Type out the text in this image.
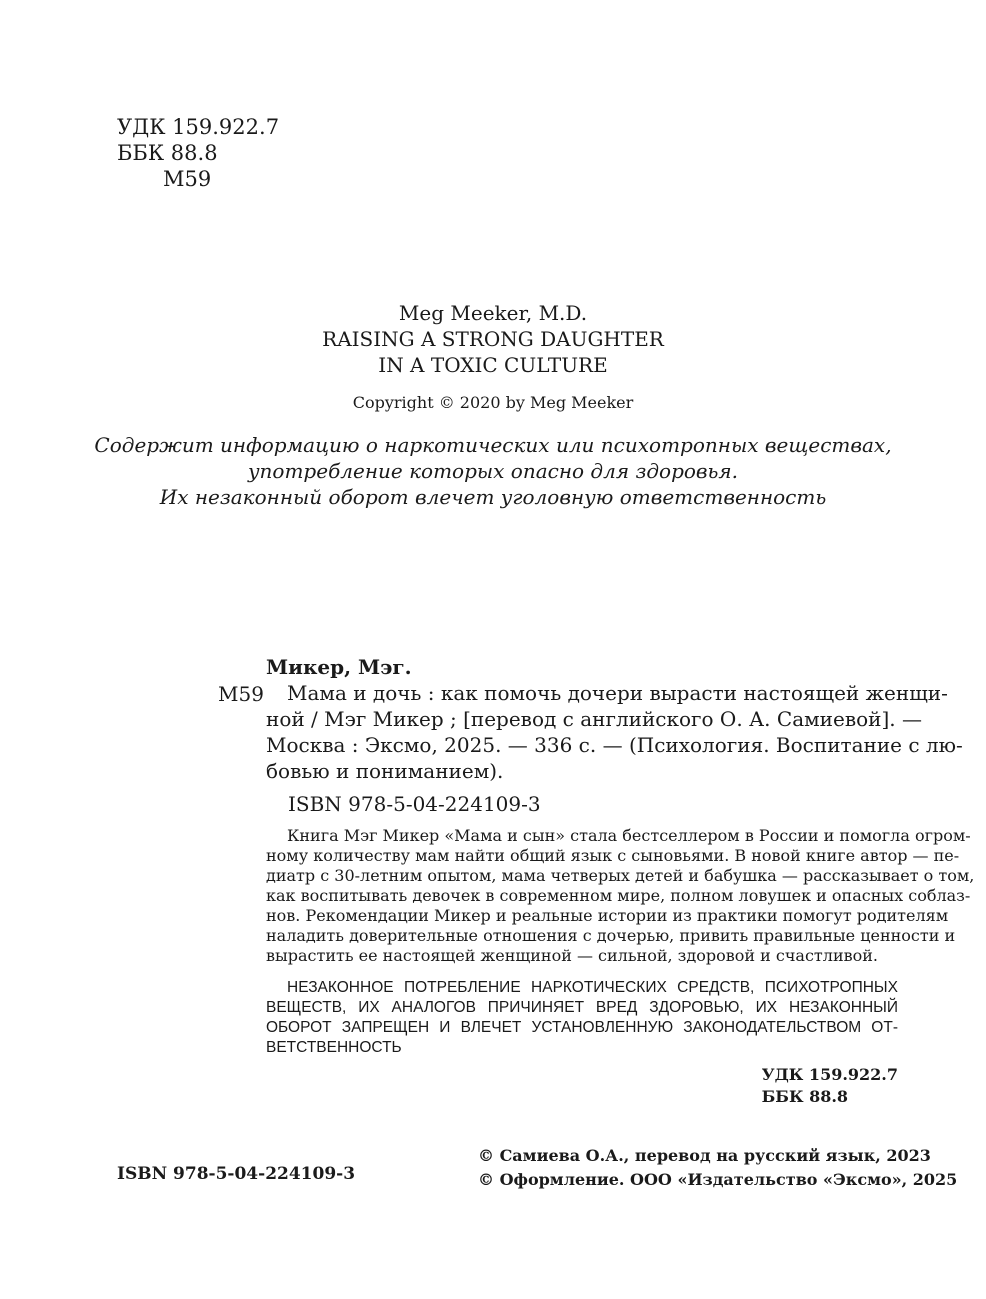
УДК 159.922.7
ББК 88.8
М59
Meg Meeker, M.D.
RAISING A STRONG DAUGHTER
IN A TOXIC CULTURE
Copyright © 2020 by Meg Meeker
Содержит информацию о наркотических или психотропных веществах,
употребление которых опасно для здоровья.
Их незаконный оборот влечет уголовную ответственность
Микер, Мэг.
М59	Мама и дочь : как помочь дочери вырасти настоящей женщи-
ной / Мэг Микер ; [перевод с английского О. А. Самиевой]. —
Москва : Эксмо, 2025. — 336 с. — (Психология. Воспитание с лю-
бовью и пониманием).
ISBN 978-5-04-224109-3
Книга Мэг Микер «Мама и сын» стала бестселлером в России и помогла огром-
ному количеству мам найти общий язык с сыновьями. В новой книге автор — пе-
диатр с 30-летним опытом, мама четверых детей и бабушка — рассказывает о том,
как воспитывать девочек в современном мире, полном ловушек и опасных соблаз-
нов. Рекомендации Микер и реальные истории из практики помогут родителям
наладить доверительные отношения с дочерью, привить правильные ценности и
вырастить ее настоящей женщиной — сильной, здоровой и счастливой.
НЕЗАКОННОЕ ПОТРЕБЛЕНИЕ НАРКОТИЧЕСКИХ СРЕДСТВ, ПСИХОТРОПНЫХ
ВЕЩЕСТВ, ИХ АНАЛОГОВ ПРИЧИНЯЕТ ВРЕД ЗДОРОВЬЮ, ИХ НЕЗАКОННЫЙ
ОБОРОТ ЗАПРЕЩЕН И ВЛЕЧЕТ УСТАНОВЛЕННУЮ ЗАКОНОДАТЕЛЬСТВОМ ОТ-
ВЕТСТВЕННОСТЬ
УДК 159.922.7
ББК 88.8
© Самиева О.А., перевод на русский язык, 2023
© Оформление. ООО «Издательство «Эксмо», 2025
ISBN 978-5-04-224109-3
